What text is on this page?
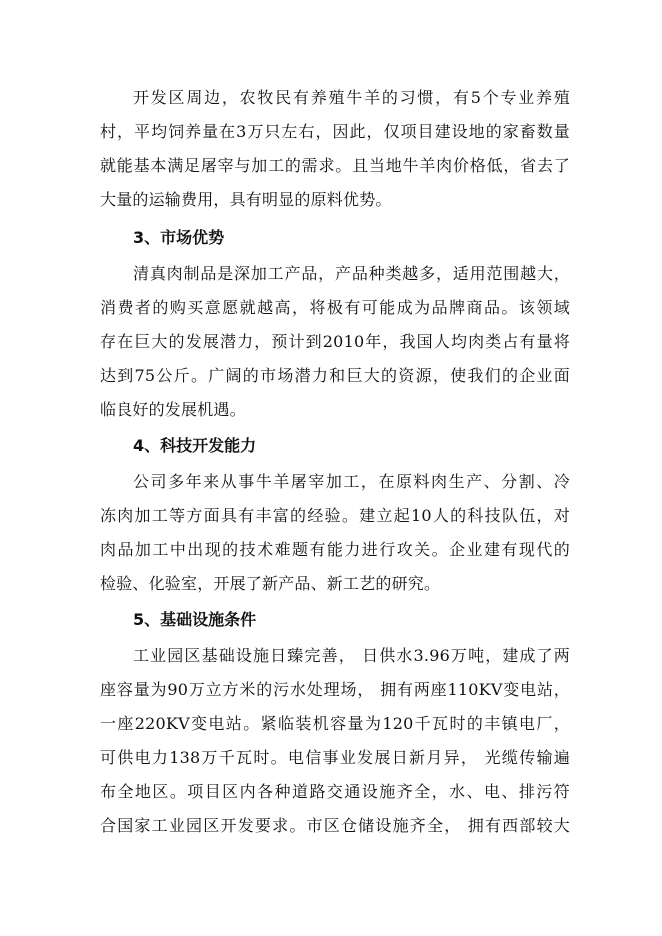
开发区周边，农牧民有养殖牛羊的习惯，有5个专业养殖
村，平均饲养量在3万只左右，因此，仅项目建设地的家畜数量
就能基本满足屠宰与加工的需求。且当地牛羊肉价格低，省去了
大量的运输费用，具有明显的原料优势。
3、市场优势
清真肉制品是深加工产品，产品种类越多，适用范围越大，
消费者的购买意愿就越高，将极有可能成为品牌商品。该领域
存在巨大的发展潜力，预计到2010年，我国人均肉类占有量将
达到75公斤。广阔的市场潜力和巨大的资源，使我们的企业面
临良好的发展机遇。
4、科技开发能力
公司多年来从事牛羊屠宰加工，在原料肉生产、分割、冷
冻肉加工等方面具有丰富的经验。建立起10人的科技队伍，对
肉品加工中出现的技术难题有能力进行攻关。企业建有现代的
检验、化验室，开展了新产品、新工艺的研究。
5、基础设施条件
工业园区基础设施日臻完善， 日供水3.96万吨，建成了两
座容量为90万立方米的污水处理场， 拥有两座110KV变电站，
一座220KV变电站。紧临装机容量为120千瓦时的丰镇电厂，
可供电力138万千瓦时。电信事业发展日新月异， 光缆传输遍
布全地区。项目区内各种道路交通设施齐全，水、电、排污符
合国家工业园区开发要求。市区仓储设施齐全， 拥有西部较大
